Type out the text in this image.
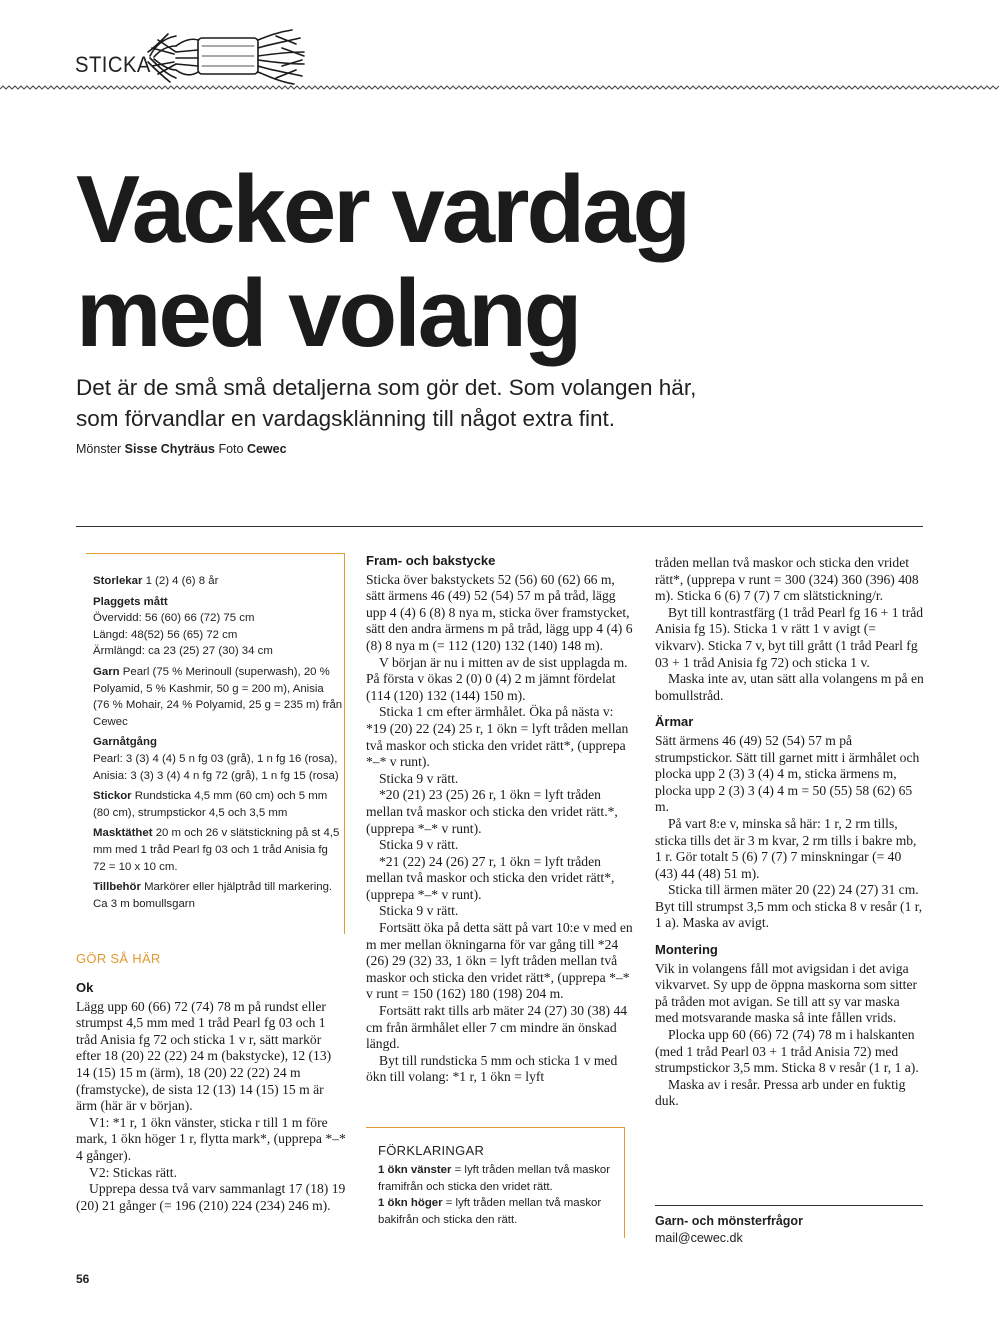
STICKA
Vacker vardag
med volang
Det är de små små detaljerna som gör det. Som volangen här,
som förvandlar en vardagsklänning till något extra fint.
Mönster Sisse Chyträus Foto Cewec
Storlekar 1 (2) 4 (6) 8 år
Plaggets mått
Övervidd: 56 (60) 66 (72) 75 cm
Längd: 48(52) 56 (65) 72 cm
Ärmlängd: ca 23 (25) 27 (30) 34 cm
Garn Pearl (75 % Merinoull (superwash), 20 % Polyamid, 5 % Kashmir, 50 g = 200 m), Anisia (76 % Mohair, 24 % Polyamid, 25 g = 235 m) från Cewec
Garnåtgång
Pearl: 3 (3) 4 (4) 5 n fg 03 (grå), 1 n fg 16 (rosa), Anisia: 3 (3) 3 (4) 4 n fg 72 (grå), 1 n fg 15 (rosa)
Stickor Rundsticka 4,5 mm (60 cm) och 5 mm (80 cm), strumpstickor 4,5 och 3,5 mm
Masktäthet 20 m och 26 v slätstickning på st 4,5 mm med 1 tråd Pearl fg 03 och 1 tråd Anisia fg 72 = 10 x 10 cm.
Tillbehör Markörer eller hjälptråd till markering. Ca 3 m bomullsgarn
GÖR SÅ HÄR
Ok

Lägg upp 60 (66) 72 (74) 78 m på rundst eller strumpst 4,5 mm med 1 tråd Pearl fg 03 och 1 tråd Anisia fg 72 och sticka 1 v r, sätt markör efter 18 (20) 22 (22) 24 m (bakstycke), 12 (13) 14 (15) 15 m (ärm), 18 (20) 22 (22) 24 m (framstycke), de sista 12 (13) 14 (15) 15 m är ärm (här är v början).

V1: *1 r, 1 ökn vänster, sticka r till 1 m före mark, 1 ökn höger 1 r, flytta mark*, (upprepa *–* 4 gånger).

V2: Stickas rätt.

Upprepa dessa två varv sammanlagt 17 (18) 19 (20) 21 gånger (= 196 (210) 224 (234) 246 m).

Fram- och bakstycke

Sticka över bakstyckets 52 (56) 60 (62) 66 m, sätt ärmens 46 (49) 52 (54) 57 m på tråd, lägg upp 4 (4) 6 (8) 8 nya m, sticka över framstycket, sätt den andra ärmens m på tråd, lägg upp 4 (4) 6 (8) 8 nya m (= 112 (120) 132 (140) 148 m).

V början är nu i mitten av de sist upplagda m. På första v ökas 2 (0) 0 (4) 2 m jämnt fördelat (114 (120) 132 (144) 150 m).

Sticka 1 cm efter ärmhålet. Öka på nästa v: *19 (20) 22 (24) 25 r, 1 ökn = lyft tråden mellan två maskor och sticka den vridet rätt*, (upprepa *–* v runt).

Sticka 9 v rätt.

*20 (21) 23 (25) 26 r, 1 ökn = lyft tråden mellan två maskor och sticka den vridet rätt.*, (upprepa *–* v runt).

Sticka 9 v rätt.

*21 (22) 24 (26) 27 r, 1 ökn = lyft tråden mellan två maskor och sticka den vridet rätt*, (upprepa *–* v runt).

Sticka 9 v rätt.

Fortsätt öka på detta sätt på vart 10:e v med en m mer mellan ökningarna för var gång till *24 (26) 29 (32) 33, 1 ökn = lyft tråden mellan två maskor och sticka den vridet rätt*, (upprepa *–* v runt = 150 (162) 180 (198) 204 m.

Fortsätt rakt tills arb mäter 24 (27) 30 (38) 44 cm från ärmhålet eller 7 cm mindre än önskad längd.

Byt till rundsticka 5 mm och sticka 1 v med ökn till volang: *1 r, 1 ökn = lyft

FÖRKLARINGAR
1 ökn vänster = lyft tråden mellan två maskor framifrån och sticka den vridet rätt.
1 ökn höger = lyft tråden mellan två maskor bakifrån och sticka den rätt.

tråden mellan två maskor och sticka den vridet rätt*, (upprepa v runt = 300 (324) 360 (396) 408 m). Sticka 6 (6) 7 (7) 7 cm slätstickning/r.

Byt till kontrastfärg (1 tråd Pearl fg 16 + 1 tråd Anisia fg 15). Sticka 1 v rätt 1 v avigt (= vikvarv). Sticka 7 v, byt till grått (1 tråd Pearl fg 03 + 1 tråd Anisia fg 72) och sticka 1 v.

Maska inte av, utan sätt alla volangens m på en bomullstråd.

Ärmar

Sätt ärmens 46 (49) 52 (54) 57 m på strumpstickor. Sätt till garnet mitt i ärmhålet och plocka upp 2 (3) 3 (4) 4 m, sticka ärmens m, plocka upp 2 (3) 3 (4) 4 m = 50 (55) 58 (62) 65 m.

På vart 8:e v, minska så här: 1 r, 2 rm tills, sticka tills det är 3 m kvar, 2 rm tills i bakre mb, 1 r. Gör totalt 5 (6) 7 (7) 7 minskningar (= 40 (43) 44 (48) 51 m).

Sticka till ärmen mäter 20 (22) 24 (27) 31 cm. Byt till strumpst 3,5 mm och sticka 8 v resår (1 r, 1 a). Maska av avigt.

Montering

Vik in volangens fåll mot avigsidan i det aviga vikvarvet. Sy upp de öppna maskorna som sitter på tråden mot avigan. Se till att sy var maska med motsvarande maska så inte fållen vrids.

Plocka upp 60 (66) 72 (74) 78 m i halskanten (med 1 tråd Pearl 03 + 1 tråd Anisia 72) med strumpstickor 3,5 mm. Sticka 8 v resår (1 r, 1 a).

Maska av i resår. Pressa arb under en fuktig duk.

Garn- och mönsterfrågor
mail@cewec.dk
56
